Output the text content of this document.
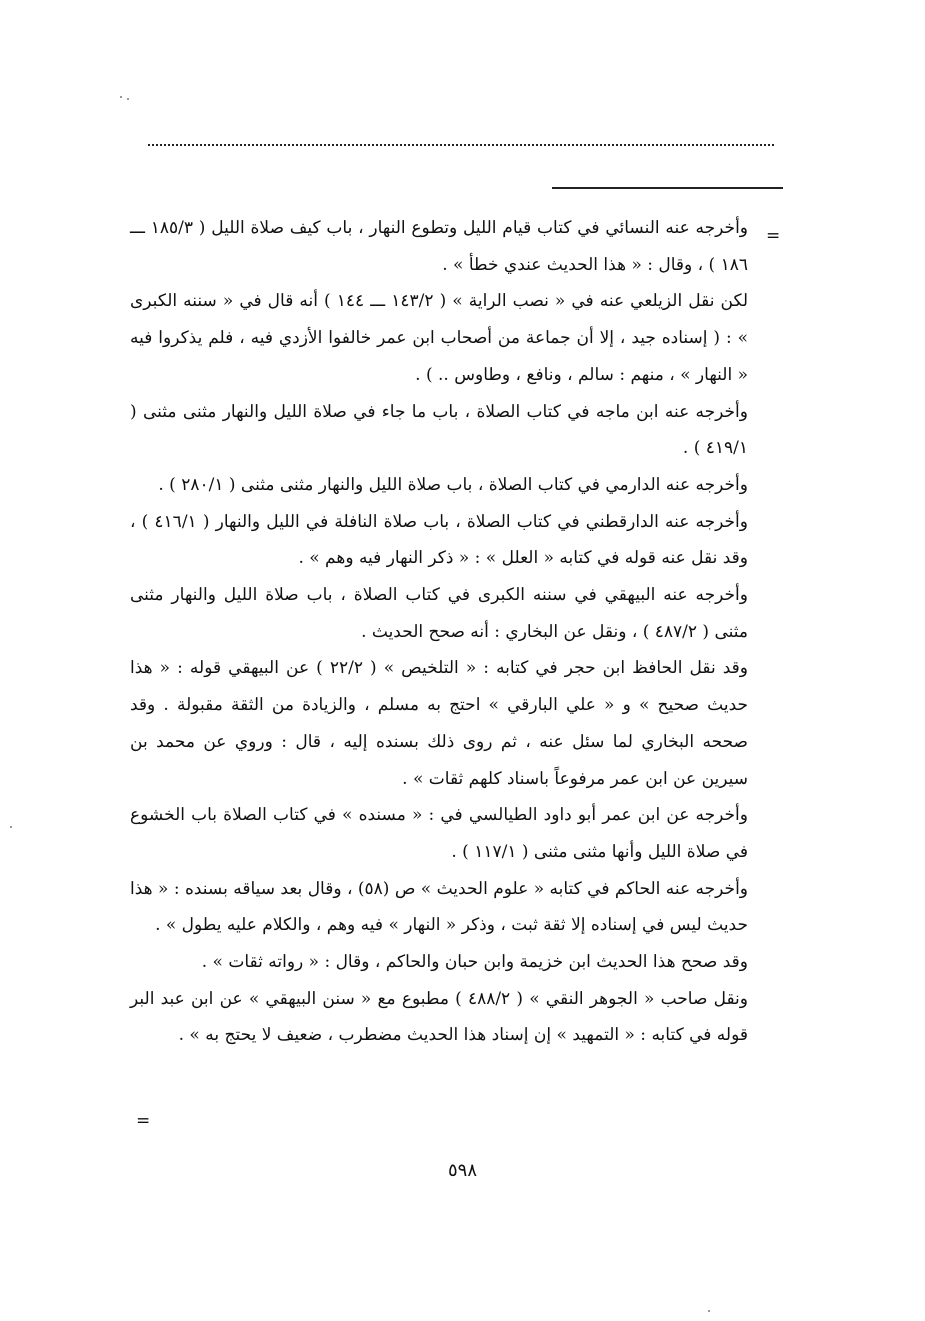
=

وأخرجه عنه النسائي في كتاب قيام الليل وتطوع النهار ، باب كيف صلاة الليل ( ١٨٥/٣ ـــ ١٨٦ ) ، وقال : « هذا الحديث عندي خطأ » .

لكن نقل الزيلعي عنه في « نصب الراية » ( ١٤٣/٢ ـــ ١٤٤ ) أنه قال في « سننه الكبرى » : ( إسناده جيد ، إلا أن جماعة من أصحاب ابن عمر خالفوا الأزدي فيه ، فلم يذكروا فيه « النهار » ، منهم : سالم ، ونافع ، وطاوس .. ) .

وأخرجه عنه ابن ماجه في كتاب الصلاة ، باب ما جاء في صلاة الليل والنهار مثنى مثنى ( ٤١٩/١ ) .

وأخرجه عنه الدارمي في كتاب الصلاة ، باب صلاة الليل والنهار مثنى مثنى ( ٢٨٠/١ ) .

وأخرجه عنه الدارقطني في كتاب الصلاة ، باب صلاة النافلة في الليل والنهار ( ٤١٦/١ ) ، وقد نقل عنه قوله في كتابه « العلل » : « ذكر النهار فيه وهم » .

وأخرجه عنه البيهقي في سننه الكبرى في كتاب الصلاة ، باب صلاة الليل والنهار مثنى مثنى ( ٤٨٧/٢ ) ، ونقل عن البخاري : أنه صحح الحديث .

وقد نقل الحافظ ابن حجر في كتابه : « التلخيص » ( ٢٢/٢ ) عن البيهقي قوله : « هذا حديث صحيح » و « علي البارقي » احتج به مسلم ، والزيادة من الثقة مقبولة . وقد صححه البخاري لما سئل عنه ، ثم روى ذلك بسنده إليه ، قال : وروي عن محمد بن سيرين عن ابن عمر مرفوعاً باسناد كلهم ثقات » .

وأخرجه عن ابن عمر أبو داود الطيالسي في : « مسنده » في كتاب الصلاة باب الخشوع في صلاة الليل وأنها مثنى مثنى ( ١١٧/١ ) .

وأخرجه عنه الحاكم في كتابه « علوم الحديث » ص (٥٨) ، وقال بعد سياقه بسنده : « هذا حديث ليس في إسناده إلا ثقة ثبت ، وذكر « النهار » فيه وهم ، والكلام عليه يطول » .

وقد صحح هذا الحديث ابن خزيمة وابن حبان والحاكم ، وقال : « رواته ثقات » .

ونقل صاحب « الجوهر النقي » ( ٤٨٨/٢ ) مطبوع مع « سنن البيهقي » عن ابن عبد البر قوله في كتابه : « التمهيد » إن إسناد هذا الحديث مضطرب ، ضعيف لا يحتج به » .

=
٥٩٨
